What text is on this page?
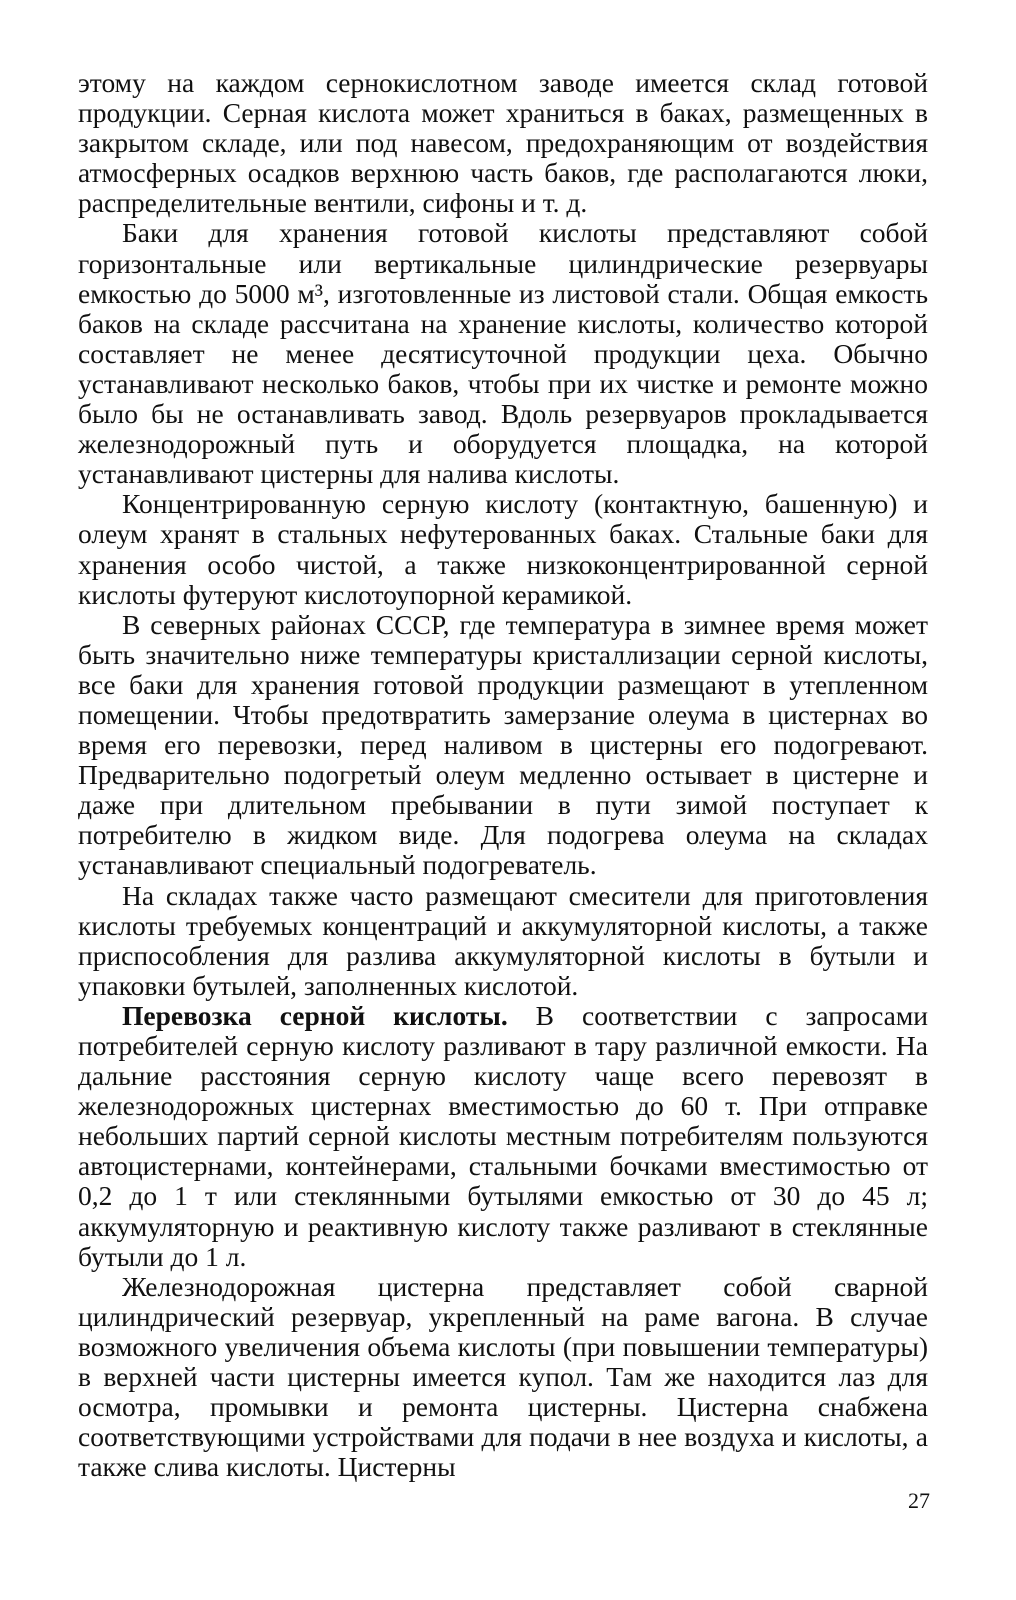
этому на каждом сернокислотном заводе имеется склад готовой продукции. Серная кислота может храниться в баках, размещенных в закрытом складе, или под навесом, предохраняющим от воздействия атмосферных осадков верхнюю часть баков, где располагаются люки, распределительные вентили, сифоны и т. д.

Баки для хранения готовой кислоты представляют собой горизонтальные или вертикальные цилиндрические резервуары емкостью до 5000 м³, изготовленные из листовой стали. Общая емкость баков на складе рассчитана на хранение кислоты, количество которой составляет не менее десятисуточной продукции цеха. Обычно устанавливают несколько баков, чтобы при их чистке и ремонте можно было бы не останавливать завод. Вдоль резервуаров прокладывается железнодорожный путь и оборудуется площадка, на которой устанавливают цистерны для налива кислоты.

Концентрированную серную кислоту (контактную, башенную) и олеум хранят в стальных нефутерованных баках. Стальные баки для хранения особо чистой, а также низкоконцентрированной серной кислоты футеруют кислотоупорной керамикой.

В северных районах СССР, где температура в зимнее время может быть значительно ниже температуры кристаллизации серной кислоты, все баки для хранения готовой продукции размещают в утепленном помещении. Чтобы предотвратить замерзание олеума в цистернах во время его перевозки, перед наливом в цистерны его подогревают. Предварительно подогретый олеум медленно остывает в цистерне и даже при длительном пребывании в пути зимой поступает к потребителю в жидком виде. Для подогрева олеума на складах устанавливают специальный подогреватель.

На складах также часто размещают смесители для приготовления кислоты требуемых концентраций и аккумуляторной кислоты, а также приспособления для разлива аккумуляторной кислоты в бутыли и упаковки бутылей, заполненных кислотой.

Перевозка серной кислоты. В соответствии с запросами потребителей серную кислоту разливают в тару различной емкости. На дальние расстояния серную кислоту чаще всего перевозят в железнодорожных цистернах вместимостью до 60 т. При отправке небольших партий серной кислоты местным потребителям пользуются автоцистернами, контейнерами, стальными бочками вместимостью от 0,2 до 1 т или стеклянными бутылями емкостью от 30 до 45 л; аккумуляторную и реактивную кислоту также разливают в стеклянные бутыли до 1 л.

Железнодорожная цистерна представляет собой сварной цилиндрический резервуар, укрепленный на раме вагона. В случае возможного увеличения объема кислоты (при повышении температуры) в верхней части цистерны имеется купол. Там же находится лаз для осмотра, промывки и ремонта цистерны. Цистерна снабжена соответствующими устройствами для подачи в нее воздуха и кислоты, а также слива кислоты. Цистерны

27
